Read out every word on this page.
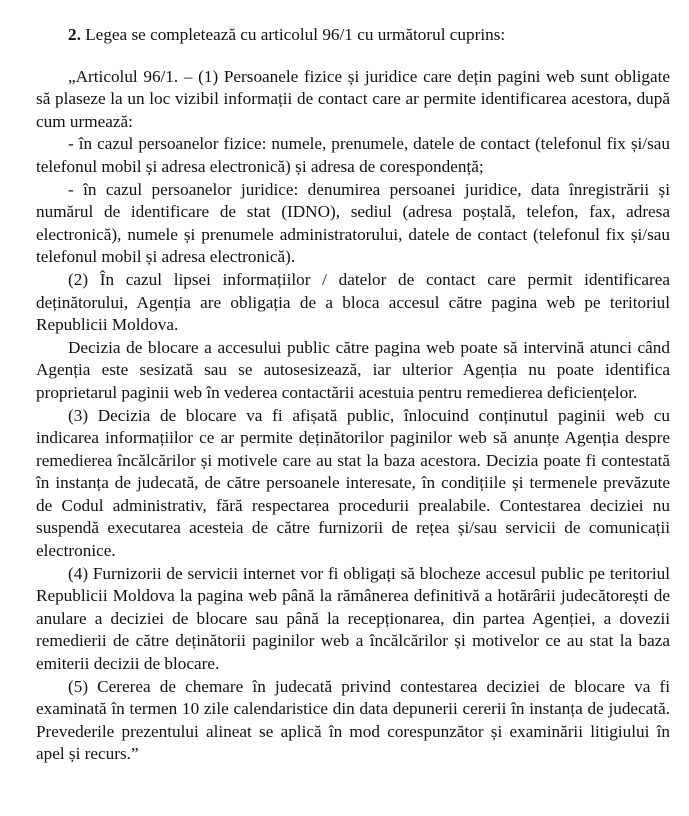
2. Legea se completează cu articolul 96/1 cu următorul cuprins:

„Articolul 96/1. – (1) Persoanele fizice și juridice care dețin pagini web sunt obligate să plaseze la un loc vizibil informații de contact care ar permite identificarea acestora, după cum urmează:

- în cazul persoanelor fizice: numele, prenumele, datele de contact (telefonul fix și/sau telefonul mobil și adresa electronică) și adresa de corespondență;

- în cazul persoanelor juridice: denumirea persoanei juridice, data înregistrării și numărul de identificare de stat (IDNO), sediul (adresa poștală, telefon, fax, adresa electronică), numele și prenumele administratorului, datele de contact (telefonul fix și/sau telefonul mobil și adresa electronică).

(2) În cazul lipsei informațiilor / datelor de contact care permit identificarea deținătorului, Agenția are obligația de a bloca accesul către pagina web pe teritoriul Republicii Moldova.

Decizia de blocare a accesului public către pagina web poate să intervină atunci când Agenția este sesizată sau se autosesizează, iar ulterior Agenția nu poate identifica proprietarul paginii web în vederea contactării acestuia pentru remedierea deficiențelor.

(3) Decizia de blocare va fi afișată public, înlocuind conținutul paginii web cu indicarea informațiilor ce ar permite deținătorilor paginilor web să anunțe Agenția despre remedierea încălcărilor și motivele care au stat la baza acestora. Decizia poate fi contestată în instanța de judecată, de către persoanele interesate, în condițiile și termenele prevăzute de Codul administrativ, fără respectarea procedurii prealabile. Contestarea deciziei nu suspendă executarea acesteia de către furnizorii de rețea și/sau servicii de comunicații electronice.

(4) Furnizorii de servicii internet vor fi obligați să blocheze accesul public pe teritoriul Republicii Moldova la pagina web până la rămânerea definitivă a hotărârii judecătorești de anulare a deciziei de blocare sau până la recepționarea, din partea Agenției, a dovezii remedierii de către deținătorii paginilor web a încălcărilor și motivelor ce au stat la baza emiterii decizii de blocare.

(5) Cererea de chemare în judecată privind contestarea deciziei de blocare va fi examinată în termen 10 zile calendaristice din data depunerii cererii în instanța de judecată. Prevederile prezentului alineat se aplică în mod corespunzător și examinării litigiului în apel și recurs.”
